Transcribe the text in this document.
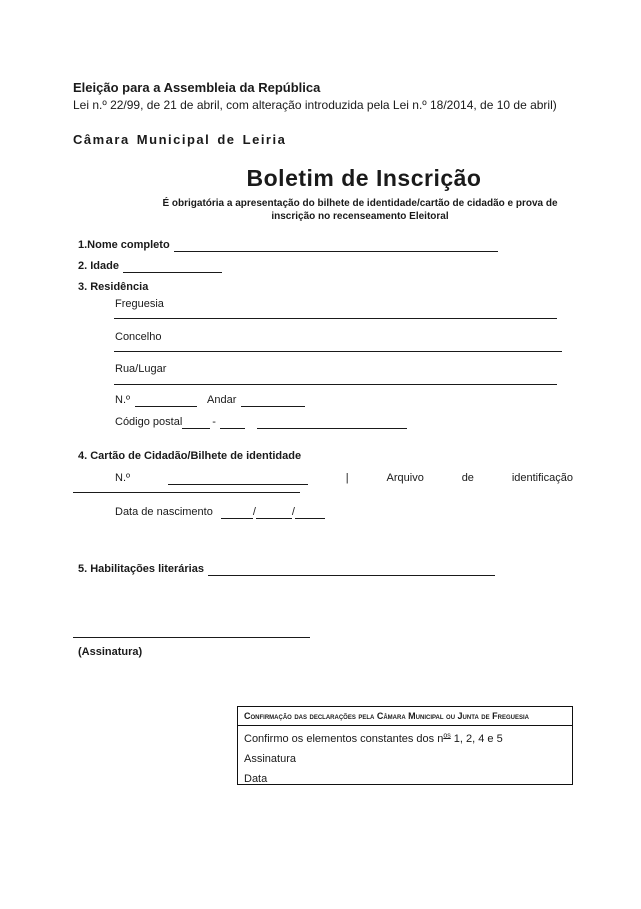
Eleição para a Assembleia da República
Lei n.º 22/99, de 21 de abril, com alteração introduzida pela Lei n.º 18/2014, de 10 de abril)
Câmara Municipal de Leiria
Boletim de Inscrição
É obrigatória a apresentação do bilhete de identidade/cartão de cidadão e prova de inscrição no recenseamento Eleitoral
1.Nome completo
2. Idade
3. Residência
Freguesia
Concelho
Rua/Lugar
N.º	Andar
Código postal	-
4. Cartão de Cidadão/Bilhete de identidade
N.º	|	Arquivo	de	identificação
Data de nascimento	/	/
5. Habilitações literárias
(Assinatura)
Confirmação das declarações pela Câmara Municipal ou Junta de Freguesia
Confirmo os elementos constantes dos $n^{os}$ 1, 2, 4 e 5
Assinatura
Data
